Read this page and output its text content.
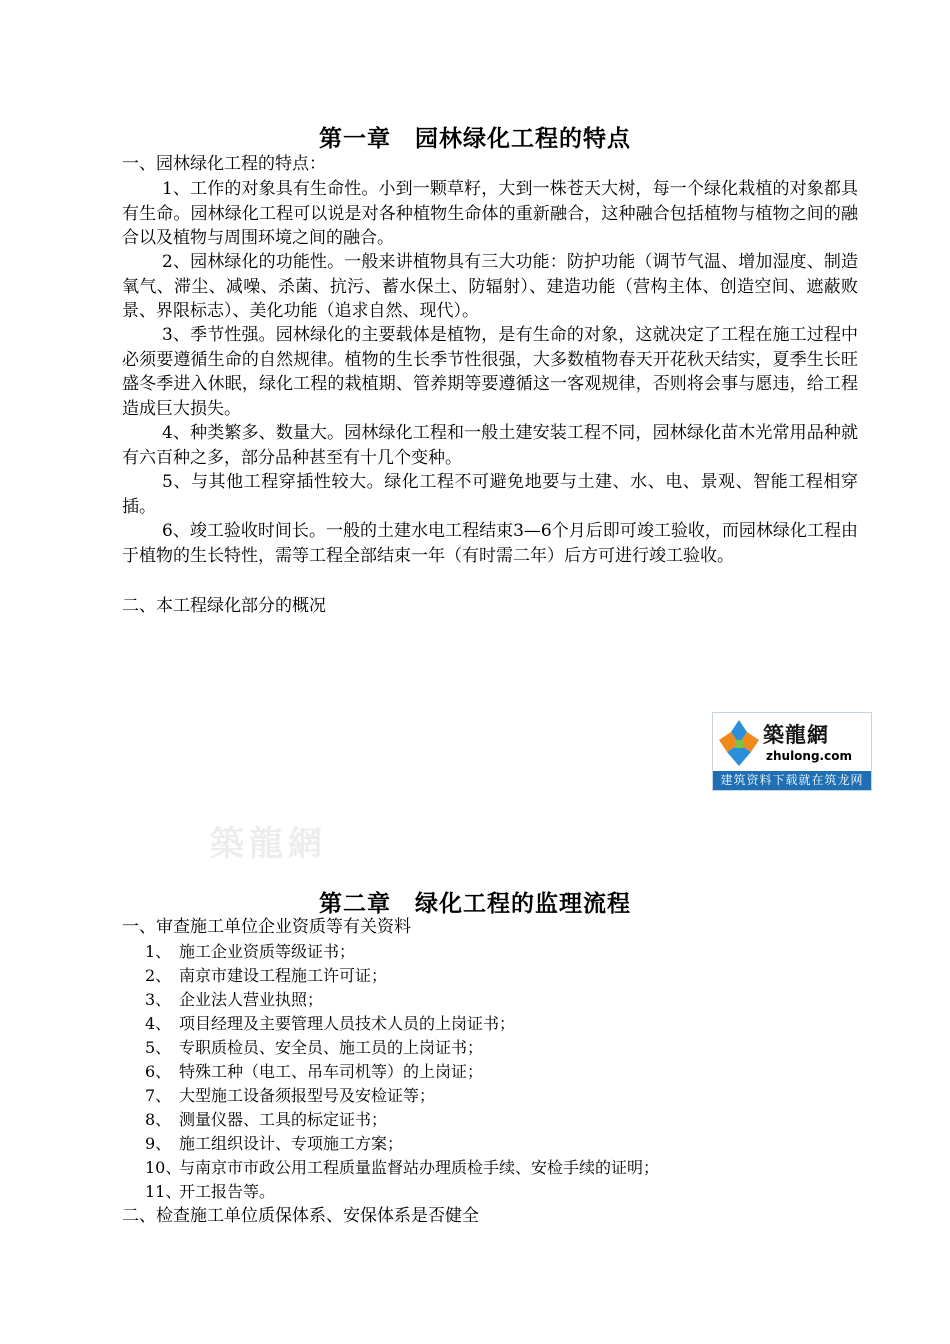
第一章　园林绿化工程的特点
一、园林绿化工程的特点：
1、工作的对象具有生命性。小到一颗草籽，大到一株苍天大树，每一个绿化栽植的对象都具有生命。园林绿化工程可以说是对各种植物生命体的重新融合，这种融合包括植物与植物之间的融合以及植物与周围环境之间的融合。
2、园林绿化的功能性。一般来讲植物具有三大功能：防护功能（调节气温、增加湿度、制造氧气、滞尘、减噪、杀菌、抗污、蓄水保土、防辐射）、建造功能（营构主体、创造空间、遮蔽败景、界限标志）、美化功能（追求自然、现代）。
3、季节性强。园林绿化的主要载体是植物，是有生命的对象，这就决定了工程在施工过程中必须要遵循生命的自然规律。植物的生长季节性很强，大多数植物春天开花秋天结实，夏季生长旺盛冬季进入休眠，绿化工程的栽植期、管养期等要遵循这一客观规律，否则将会事与愿违，给工程造成巨大损失。
4、种类繁多、数量大。园林绿化工程和一般土建安装工程不同，园林绿化苗木光常用品种就有六百种之多，部分品种甚至有十几个变种。
5、与其他工程穿插性较大。绿化工程不可避免地要与土建、水、电、景观、智能工程相穿插。
6、竣工验收时间长。一般的土建水电工程结束3—6个月后即可竣工验收，而园林绿化工程由于植物的生长特性，需等工程全部结束一年（有时需二年）后方可进行竣工验收。
二、本工程绿化部分的概况
築龍網
zhulong.com
建筑资料下载就在筑龙网
築龍網
第二章　绿化工程的监理流程
一、审查施工单位企业资质等有关资料
1、 施工企业资质等级证书；
2、 南京市建设工程施工许可证；
3、 企业法人营业执照；
4、 项目经理及主要管理人员技术人员的上岗证书；
5、 专职质检员、安全员、施工员的上岗证书；
6、 特殊工种（电工、吊车司机等）的上岗证；
7、 大型施工设备须报型号及安检证等；
8、 测量仪器、工具的标定证书；
9、 施工组织设计、专项施工方案；
10、与南京市市政公用工程质量监督站办理质检手续、安检手续的证明；
11、开工报告等。
二、检查施工单位质保体系、安保体系是否健全
